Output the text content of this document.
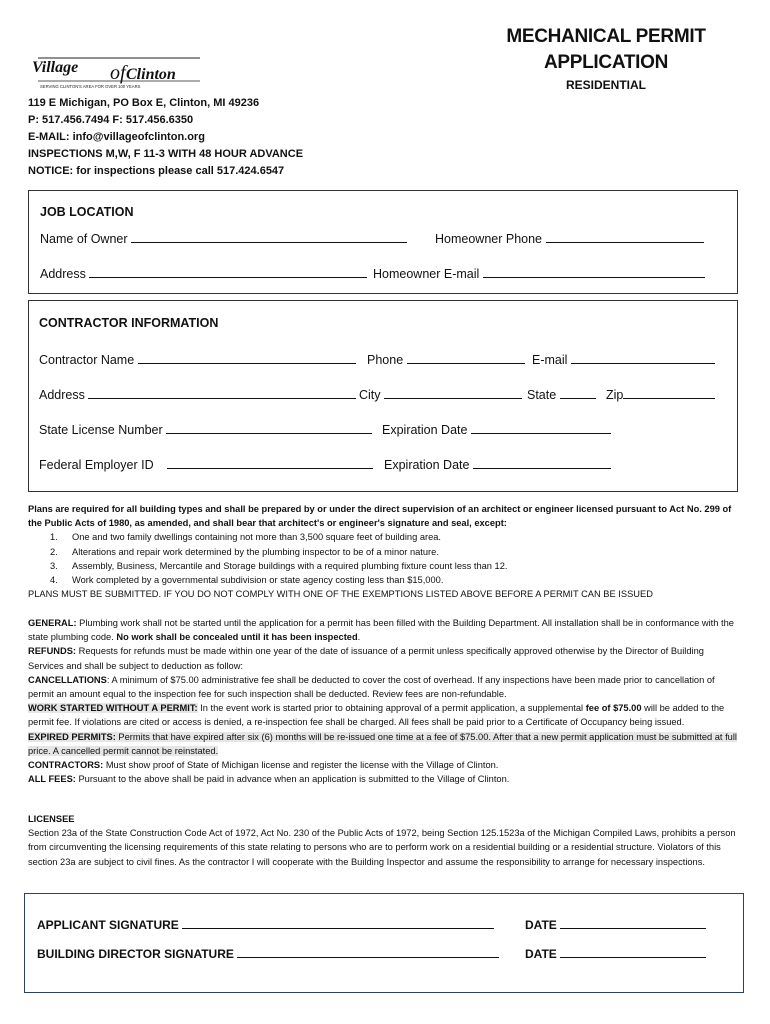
Village of Clinton
SERVING CLINTON'S AREA FOR OVER 100 YEARS
119 E Michigan, PO Box E, Clinton, MI 49236
P: 517.456.7494 F: 517.456.6350
E-MAIL: info@villageofclinton.org
INSPECTIONS M,W, F 11-3 WITH 48 HOUR ADVANCE
NOTICE: for inspections please call 517.424.6547
MECHANICAL PERMIT
APPLICATION
RESIDENTIAL
JOB LOCATION
Name of Owner	Homeowner Phone
Address	Homeowner E-mail
CONTRACTOR INFORMATION
Contractor Name	Phone	E-mail
Address	City	State	Zip
State License Number	Expiration Date
Federal Employer ID	Expiration Date
Plans are required for all building types and shall be prepared by or under the direct supervision of an architect or engineer licensed pursuant to Act No. 299 of the Public Acts of 1980, as amended, and shall bear that architect's or engineer's signature and seal, except:
1. One and two family dwellings containing not more than 3,500 square feet of building area.
2. Alterations and repair work determined by the plumbing inspector to be of a minor nature.
3. Assembly, Business, Mercantile and Storage buildings with a required plumbing fixture count less than 12.
4. Work completed by a governmental subdivision or state agency costing less than $15,000.
PLANS MUST BE SUBMITTED. IF YOU DO NOT COMPLY WITH ONE OF THE EXEMPTIONS LISTED ABOVE BEFORE A PERMIT CAN BE ISSUED

GENERAL: Plumbing work shall not be started until the application for a permit has been filled with the Building Department. All installation shall be in conformance with the state plumbing code. No work shall be concealed until it has been inspected.

REFUNDS: Requests for refunds must be made within one year of the date of issuance of a permit unless specifically approved otherwise by the Director of Building Services and shall be subject to deduction as follow:

CANCELLATIONS: A minimum of $75.00 administrative fee shall be deducted to cover the cost of overhead. If any inspections have been made prior to cancellation of permit an amount equal to the inspection fee for such inspection shall be deducted. Review fees are non-refundable.

WORK STARTED WITHOUT A PERMIT: In the event work is started prior to obtaining approval of a permit application, a supplemental fee of $75.00 will be added to the permit fee. If violations are cited or access is denied, a re-inspection fee shall be charged. All fees shall be paid prior to a Certificate of Occupancy being issued.

EXPIRED PERMITS: Permits that have expired after six (6) months will be re-issued one time at a fee of $75.00. After that a new permit application must be submitted at full price. A cancelled permit cannot be reinstated.

CONTRACTORS: Must show proof of State of Michigan license and register the license with the Village of Clinton.

ALL FEES: Pursuant to the above shall be paid in advance when an application is submitted to the Village of Clinton.

LICENSEE
Section 23a of the State Construction Code Act of 1972, Act No. 230 of the Public Acts of 1972, being Section 125.1523a of the Michigan Compiled Laws, prohibits a person from circumventing the licensing requirements of this state relating to persons who are to perform work on a residential building or a residential structure. Violators of this section 23a are subject to civil fines. As the contractor I will cooperate with the Building Inspector and assume the responsibility to arrange for necessary inspections.
APPLICANT SIGNATURE	DATE
BUILDING DIRECTOR SIGNATURE	DATE
